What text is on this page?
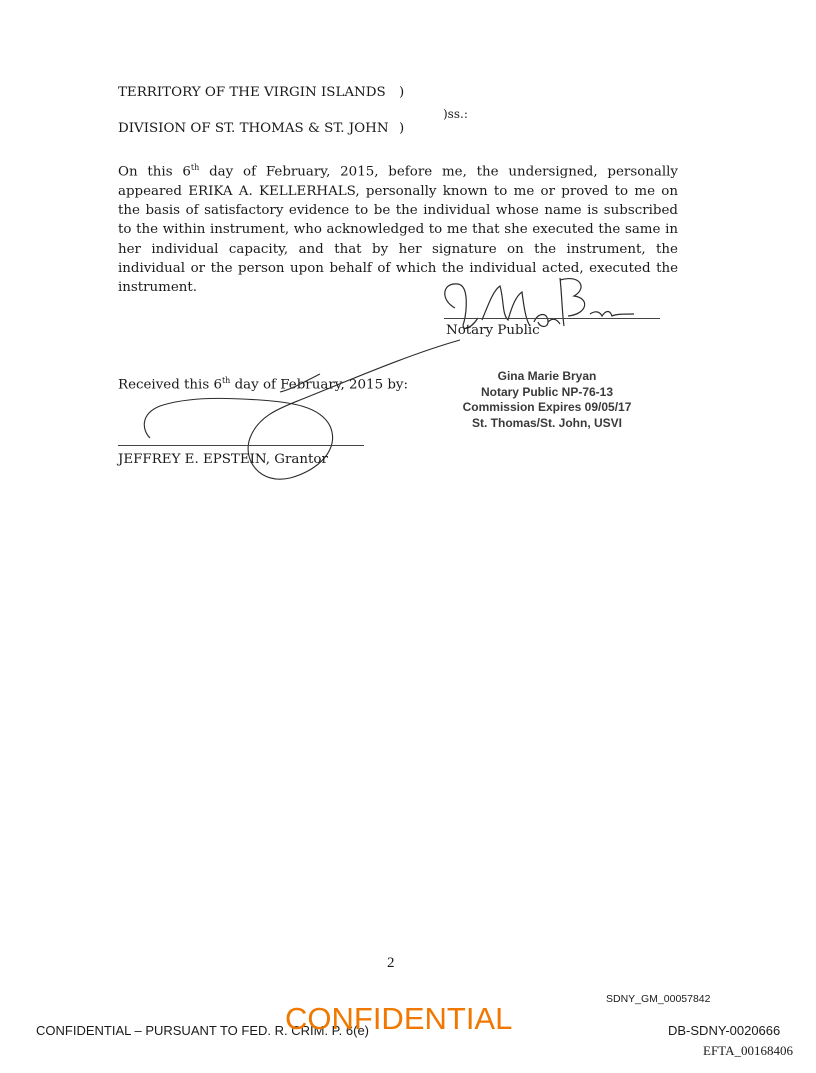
TERRITORY OF THE VIRGIN ISLANDS )
)ss.:
DIVISION OF ST. THOMAS & ST. JOHN )
On this 6th day of February, 2015, before me, the undersigned, personally appeared ERIKA A. KELLERHALS, personally known to me or proved to me on the basis of satisfactory evidence to be the individual whose name is subscribed to the within instrument, who acknowledged to me that she executed the same in her individual capacity, and that by her signature on the instrument, the individual or the person upon behalf of which the individual acted, executed the instrument.
Notary Public
Gina Marie Bryan
Notary Public NP-76-13
Commission Expires 09/05/17
St. Thomas/St. John, USVI
Received this 6th day of February, 2015 by:
JEFFREY E. EPSTEIN, Grantor
2
SDNY_GM_00057842
CONFIDENTIAL – PURSUANT TO FED. R. CRIM. P. 6(e)
CONFIDENTIAL	DB-SDNY-0020666
EFTA_00168406
